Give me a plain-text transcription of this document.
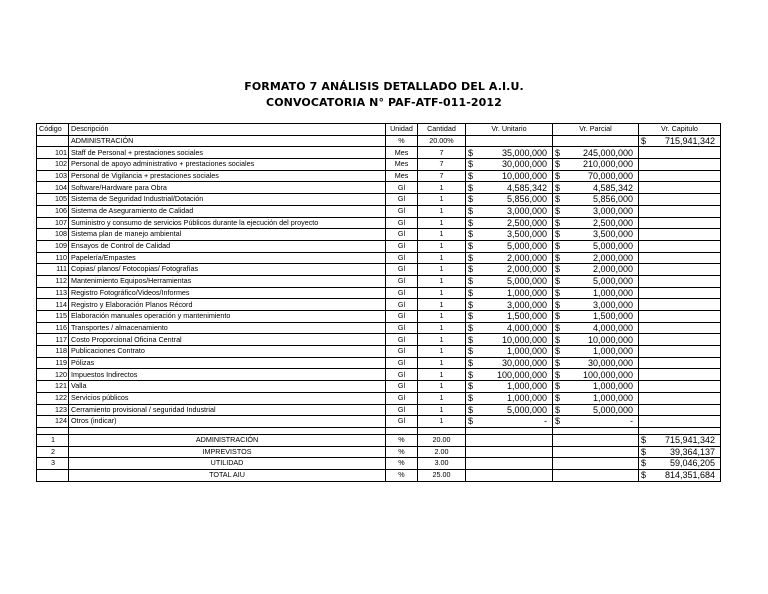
FORMATO 7 ANÁLISIS DETALLADO DEL A.I.U.
CONVOCATORIA N° PAF-ATF-011-2012
Código	Descripción	Unidad	Cantidad	Vr. Unitario	Vr. Parcial	Vr. Capitulo
	ADMINISTRACIÓN	%	20.00%			$ 715,941,342

101	Staff de Personal + prestaciones sociales	Mes	7	$ 35,000,000	$ 245,000,000	

102	Personal de apoyo administrativo + prestaciones sociales	Mes	7	$ 30,000,000	$ 210,000,000	

103	Personal de Vigilancia + prestaciones sociales	Mes	7	$ 10,000,000	$ 70,000,000	

104	Software/Hardware para Obra	Gl	1	$ 4,585,342	$ 4,585,342	

105	Sistema de Seguridad Industrial/Dotación	Gl	1	$ 5,856,000	$ 5,856,000	

106	Sistema de Aseguramiento de Calidad	Gl	1	$ 3,000,000	$ 3,000,000	

107	Suministro y consumo de servicios Públicos durante la ejecución del proyecto	Gl	1	$ 2,500,000	$ 2,500,000	

108	Sistema plan de manejo ambiental	Gl	1	$ 3,500,000	$ 3,500,000	

109	Ensayos de Control de Calidad	Gl	1	$ 5,000,000	$ 5,000,000	

110	Papelería/Empastes	Gl	1	$ 2,000,000	$ 2,000,000	

111	Copias/ planos/ Fotocopias/ Fotografías	Gl	1	$ 2,000,000	$ 2,000,000	

112	Mantenimiento Equipos/Herramientas	Gl	1	$ 5,000,000	$ 5,000,000	

113	Registro Fotográfico/Videos/Informes	Gl	1	$ 1,000,000	$ 1,000,000	

114	Registro y Elaboración Planos Récord	Gl	1	$ 3,000,000	$ 3,000,000	

115	Elaboración manuales operación y mantenimiento	Gl	1	$ 1,500,000	$ 1,500,000	

116	Transportes / almacenamiento	Gl	1	$ 4,000,000	$ 4,000,000	

117	Costo Proporcional Oficina Central	Gl	1	$ 10,000,000	$ 10,000,000	

118	Publicaciones Contrato	Gl	1	$ 1,000,000	$ 1,000,000	

119	Pólizas	Gl	1	$ 30,000,000	$ 30,000,000	

120	Impuestos Indirectos	Gl	1	$ 100,000,000	$ 100,000,000	

121	Valla	Gl	1	$ 1,000,000	$ 1,000,000	

122	Servicios públicos	Gl	1	$ 1,000,000	$ 1,000,000	

123	Cerramiento provisional / seguridad Industrial	Gl	1	$ 5,000,000	$ 5,000,000	

124	Otros (indicar)	Gl	1	$ -	$ -	

1	ADMINISTRACIÓN	%	20.00			$ 715,941,342

2	IMPREVISTOS	%	2.00			$ 39,364,137

3	UTILIDAD	%	3.00			$ 59,046,205

	TOTAL AIU	%	25.00			$ 814,351,684
